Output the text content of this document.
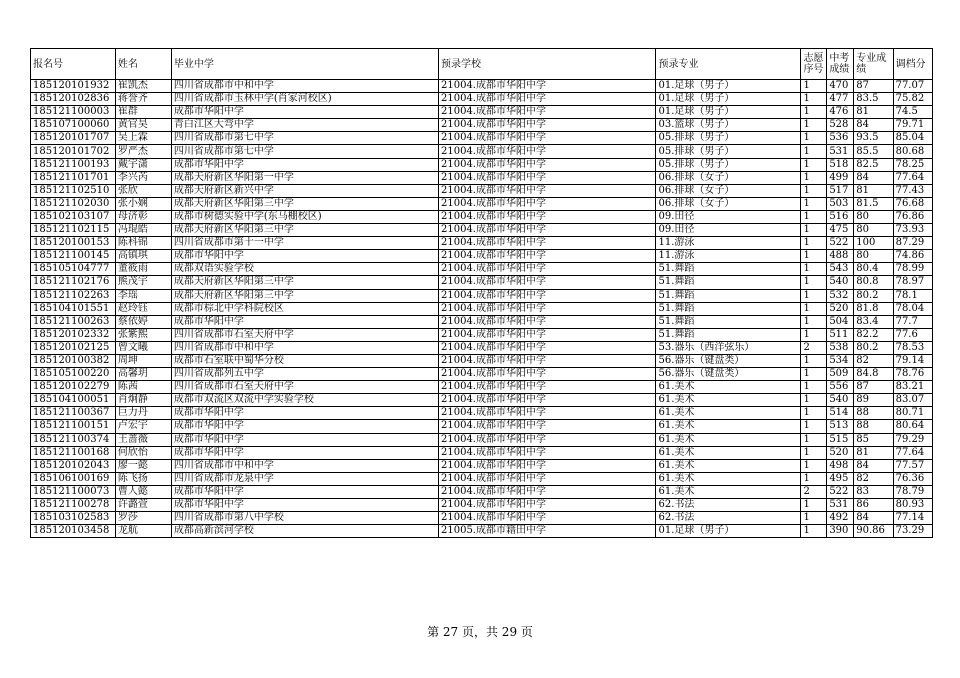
报名号	姓名	毕业中学	预录学校	预录专业	志愿序号	中考成绩	专业成绩	调档分
185120101932	崔凯杰	四川省成都市中和中学	21004.成都市华阳中学	01.足球（男子）	1	470	87	77.07
185120102836	蒋誉齐	四川省成都市玉林中学(肖家河校区)	21004.成都市华阳中学	01.足球（男子）	1	477	83.5	75.82
185121100003	崔群	成都市华阳中学	21004.成都市华阳中学	01.足球（男子）	1	476	81	74.5
185107100060	黄官昊	青白江区大弯中学	21004.成都市华阳中学	03.篮球（男子）	1	528	84	79.71
185120101707	吴上霖	四川省成都市第七中学	21004.成都市华阳中学	05.排球（男子）	1	536	93.5	85.04
185120101702	罗严杰	四川省成都市第七中学	21004.成都市华阳中学	05.排球（男子）	1	531	85.5	80.68
185121100193	戴宇潇	成都市华阳中学	21004.成都市华阳中学	05.排球（男子）	1	518	82.5	78.25
185121101701	李兴芮	成都天府新区华阳第一中学	21004.成都市华阳中学	06.排球（女子）	1	499	84	77.64
185121102510	张欣	成都天府新区新兴中学	21004.成都市华阳中学	06.排球（女子）	1	517	81	77.43
185121102030	张小娴	成都天府新区华阳第三中学	21004.成都市华阳中学	06.排球（女子）	1	503	81.5	76.68
185102103107	母济彰	成都市树德实验中学(东马棚校区)	21004.成都市华阳中学	09.田径	1	516	80	76.86
185121102115	冯琨皓	成都天府新区华阳第三中学	21004.成都市华阳中学	09.田径	1	475	80	73.93
185120100153	陈科锦	四川省成都市第十一中学	21004.成都市华阳中学	11.游泳	1	522	100	87.29
185121100145	高镇琪	成都市华阳中学	21004.成都市华阳中学	11.游泳	1	488	80	74.86
185105104777	董筱雨	成都双语实验学校	21004.成都市华阳中学	51.舞蹈	1	543	80.4	78.99
185121102176	熊茂宇	成都天府新区华阳第三中学	21004.成都市华阳中学	51.舞蹈	1	540	80.8	78.97
185121102263	李瑶	成都天府新区华阳第三中学	21004.成都市华阳中学	51.舞蹈	1	532	80.2	78.1
185104101551	赵玲钰	成都市棕北中学科院校区	21004.成都市华阳中学	51.舞蹈	1	520	81.8	78.04
185121100263	蔡依婷	成都市华阳中学	21004.成都市华阳中学	51.舞蹈	1	504	83.4	77.7
185120102332	张紫熙	四川省成都市石室天府中学	21004.成都市华阳中学	51.舞蹈	1	511	82.2	77.6
185120102125	曾文曦	四川省成都市中和中学	21004.成都市华阳中学	53.器乐（西洋弦乐）	2	538	80.2	78.53
185120100382	周坤	成都市石室联中蜀华分校	21004.成都市华阳中学	56.器乐（键盘类）	1	534	82	79.14
185105100220	高馨玥	四川省成都列五中学	21004.成都市华阳中学	56.器乐（键盘类）	1	509	84.8	78.76
185120102279	陈茜	四川省成都市石室天府中学	21004.成都市华阳中学	61.美术	1	556	87	83.21
185104100051	肖炯静	成都市双流区双流中学实验学校	21004.成都市华阳中学	61.美术	1	540	89	83.07
185121100367	巨力丹	成都市华阳中学	21004.成都市华阳中学	61.美术	1	514	88	80.71
185121100151	卢宏宇	成都市华阳中学	21004.成都市华阳中学	61.美术	1	513	88	80.64
185121100374	王蔷薇	成都市华阳中学	21004.成都市华阳中学	61.美术	1	515	85	79.29
185121100168	何欣怡	成都市华阳中学	21004.成都市华阳中学	61.美术	1	520	81	77.64
185120102043	廖一懿	四川省成都市中和中学	21004.成都市华阳中学	61.美术	1	498	84	77.57
185106100169	陈飞扬	四川省成都市龙泉中学	21004.成都市华阳中学	61.美术	1	495	82	76.36
185121100073	曹人懿	成都市华阳中学	21004.成都市华阳中学	61.美术	2	522	83	78.79
185121100278	许潞萱	成都市华阳中学	21004.成都市华阳中学	62.书法	1	531	86	80.93
185103102583	罗莎	四川省成都市第八中学校	21004.成都市华阳中学	62.书法	1	492	84	77.14
185120103458	龙航	成都高新滨河学校	21005.成都市籍田中学	01.足球（男子）	1	390	90.86	73.29
第 27 页，共 29 页
